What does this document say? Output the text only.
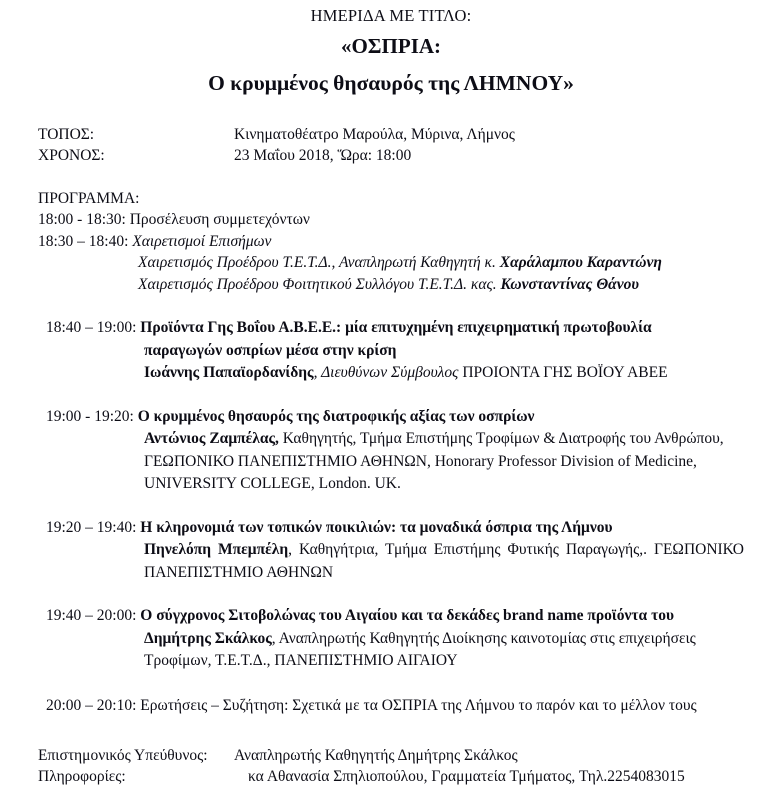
ΗΜΕΡΙΔΑ ΜΕ ΤΙΤΛΟ:
«ΟΣΠΡΙΑ:
Ο κρυμμένος θησαυρός της ΛΗΜΝΟΥ»
ΤΟΠΟΣ:	Κινηματοθέατρο Μαρούλα, Μύρινα, Λήμνος
ΧΡΟΝΟΣ:	23 Μαΐου 2018, Ὥρα: 18:00
ΠΡΟΓΡΑΜΜΑ:
18:00 - 18:30: Προσέλευση συμμετεχόντων
18:30 – 18:40: Χαιρετισμοί Επισήμων
Χαιρετισμός Προέδρου Τ.Ε.Τ.Δ., Αναπληρωτή Καθηγητή κ. Χαράλαμπου Καραντώνη
Χαιρετισμός Προέδρου Φοιτητικού Συλλόγου Τ.Ε.Τ.Δ. κας. Κωνσταντίνας Θάνου
18:40 – 19:00: Προϊόντα Γης Βοΐου Α.Β.Ε.Ε.: μία επιτυχημένη επιχειρηματική πρωτοβουλία
παραγωγών οσπρίων μέσα στην κρίση
Ιωάννης Παπαϊορδανίδης, Διευθύνων Σύμβουλος ΠΡΟΙΟΝΤΑ ΓΗΣ ΒΟΪΟΥ ΑΒΕΕ
19:00 - 19:20: Ο κρυμμένος θησαυρός της διατροφικής αξίας των οσπρίων
Αντώνιος Ζαμπέλας, Καθηγητής, Τμήμα Επιστήμης Τροφίμων & Διατροφής του Ανθρώπου, ΓΕΩΠΟΝΙΚΟ ΠΑΝΕΠΙΣΤΗΜΙΟ ΑΘΗΝΩΝ, Honorary Professor Division of Medicine, UNIVERSITY COLLEGE, London. UK.
19:20 – 19:40: Η κληρονομιά των τοπικών ποικιλιών: τα μοναδικά όσπρια της Λήμνου
Πηνελόπη Μπεμπέλη, Καθηγήτρια, Τμήμα Επιστήμης Φυτικής Παραγωγής,. ΓΕΩΠΟΝΙΚΟ ΠΑΝΕΠΙΣΤΗΜΙΟ ΑΘΗΝΩΝ
19:40 – 20:00: Ο σύγχρονος Σιτοβολώνας του Αιγαίου και τα δεκάδες brand name προϊόντα του
Δημήτρης Σκάλκος, Αναπληρωτής Καθηγητής Διοίκησης καινοτομίας στις επιχειρήσεις Τροφίμων, Τ.Ε.Τ.Δ., ΠΑΝΕΠΙΣΤΗΜΙΟ ΑΙΓΑΙΟΥ
20:00 – 20:10: Ερωτήσεις – Συζήτηση: Σχετικά με τα ΟΣΠΡΙΑ της Λήμνου το παρόν και το μέλλον τους
Επιστημονικός Υπεύθυνος:	Αναπληρωτής Καθηγητής Δημήτρης Σκάλκος
Πληροφορίες:	κα Αθανασία Σπηλιοπούλου, Γραμματεία Τμήματος, Τηλ.2254083015
